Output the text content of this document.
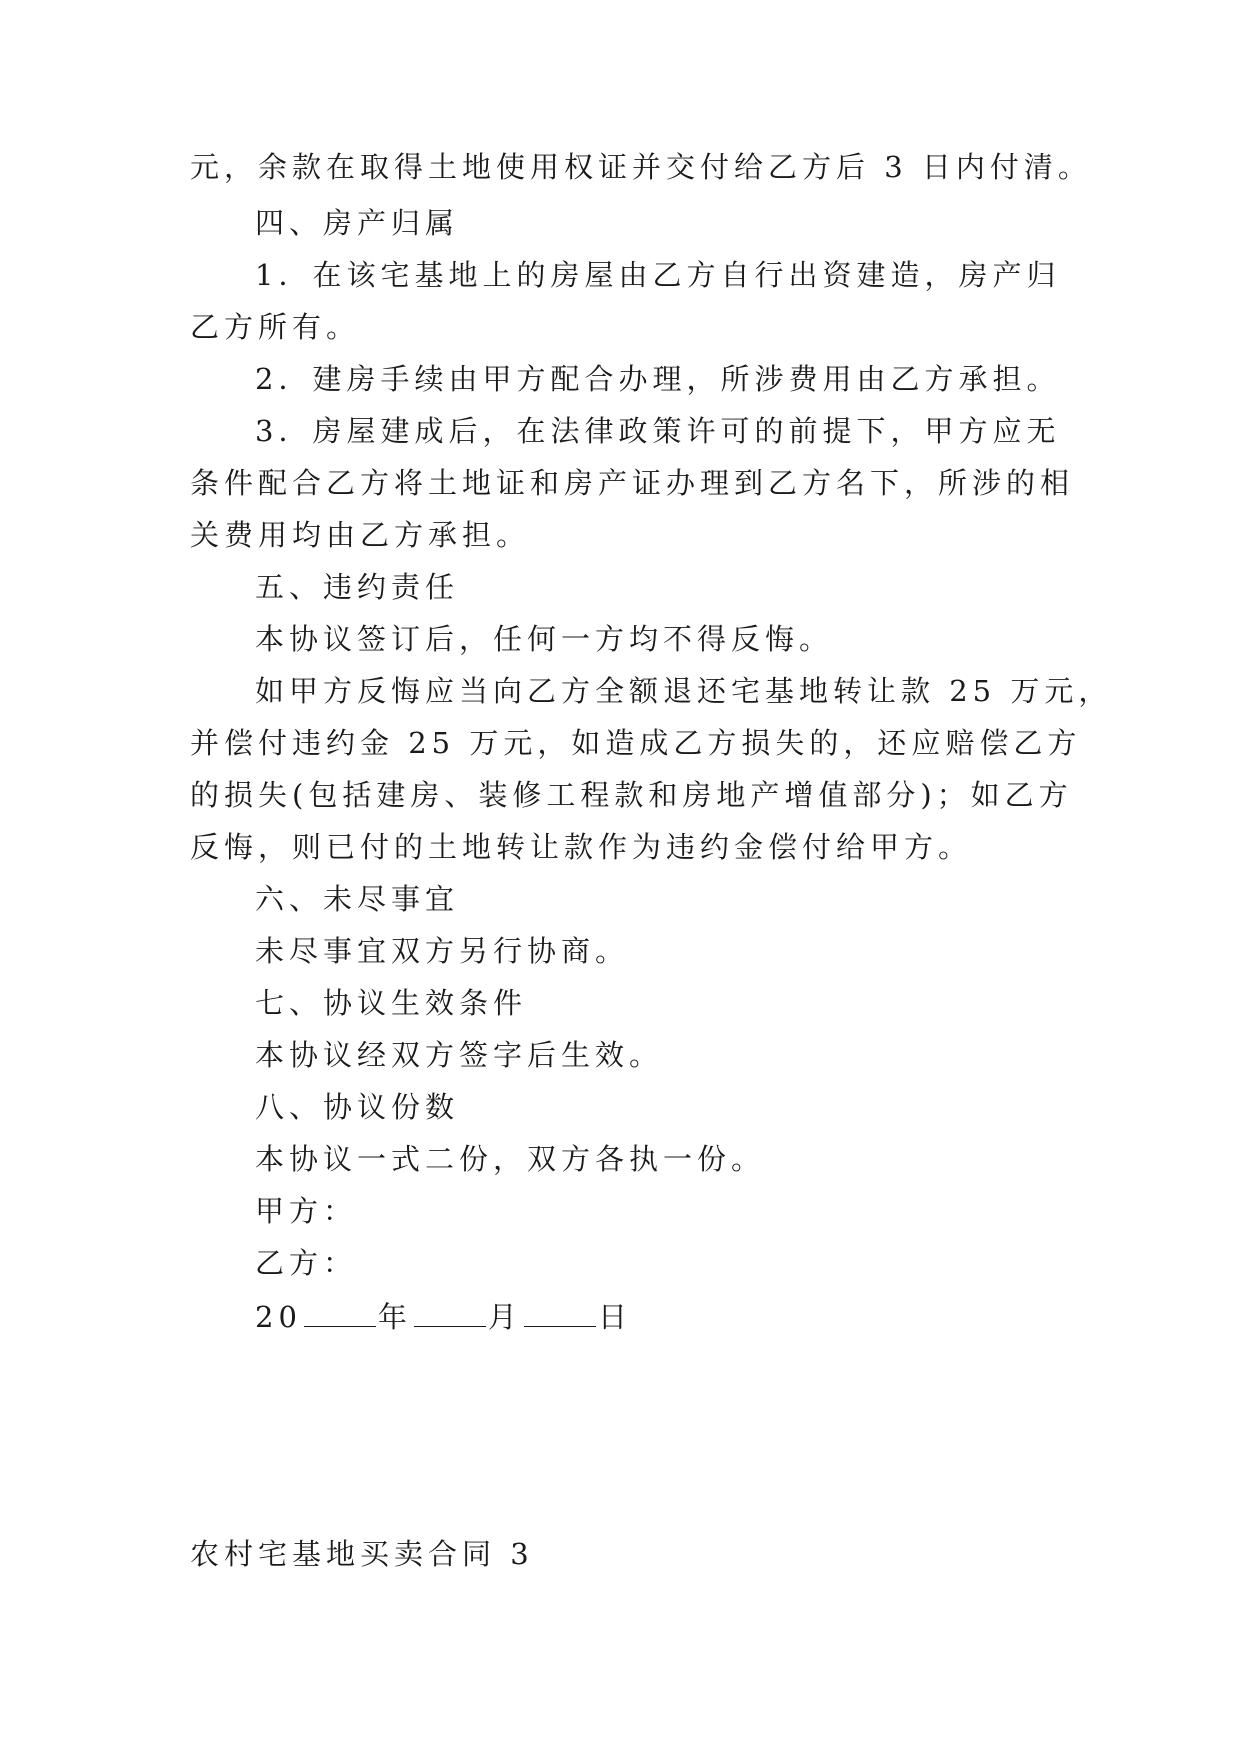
元，余款在取得土地使用权证并交付给乙方后 3 日内付清。

四、房产归属

1．在该宅基地上的房屋由乙方自行出资建造，房产归

乙方所有。

2．建房手续由甲方配合办理，所涉费用由乙方承担。

3．房屋建成后，在法律政策许可的前提下，甲方应无

条件配合乙方将土地证和房产证办理到乙方名下，所涉的相

关费用均由乙方承担。

五、违约责任

本协议签订后，任何一方均不得反悔。

如甲方反悔应当向乙方全额退还宅基地转让款 25 万元，

并偿付违约金 25 万元，如造成乙方损失的，还应赔偿乙方

的损失(包括建房、装修工程款和房地产增值部分)；如乙方

反悔，则已付的土地转让款作为违约金偿付给甲方。

六、未尽事宜

未尽事宜双方另行协商。

七、协议生效条件

本协议经双方签字后生效。

八、协议份数

本协议一式二份，双方各执一份。

甲方：

乙方：

20	年	月	日

农村宅基地买卖合同 3
